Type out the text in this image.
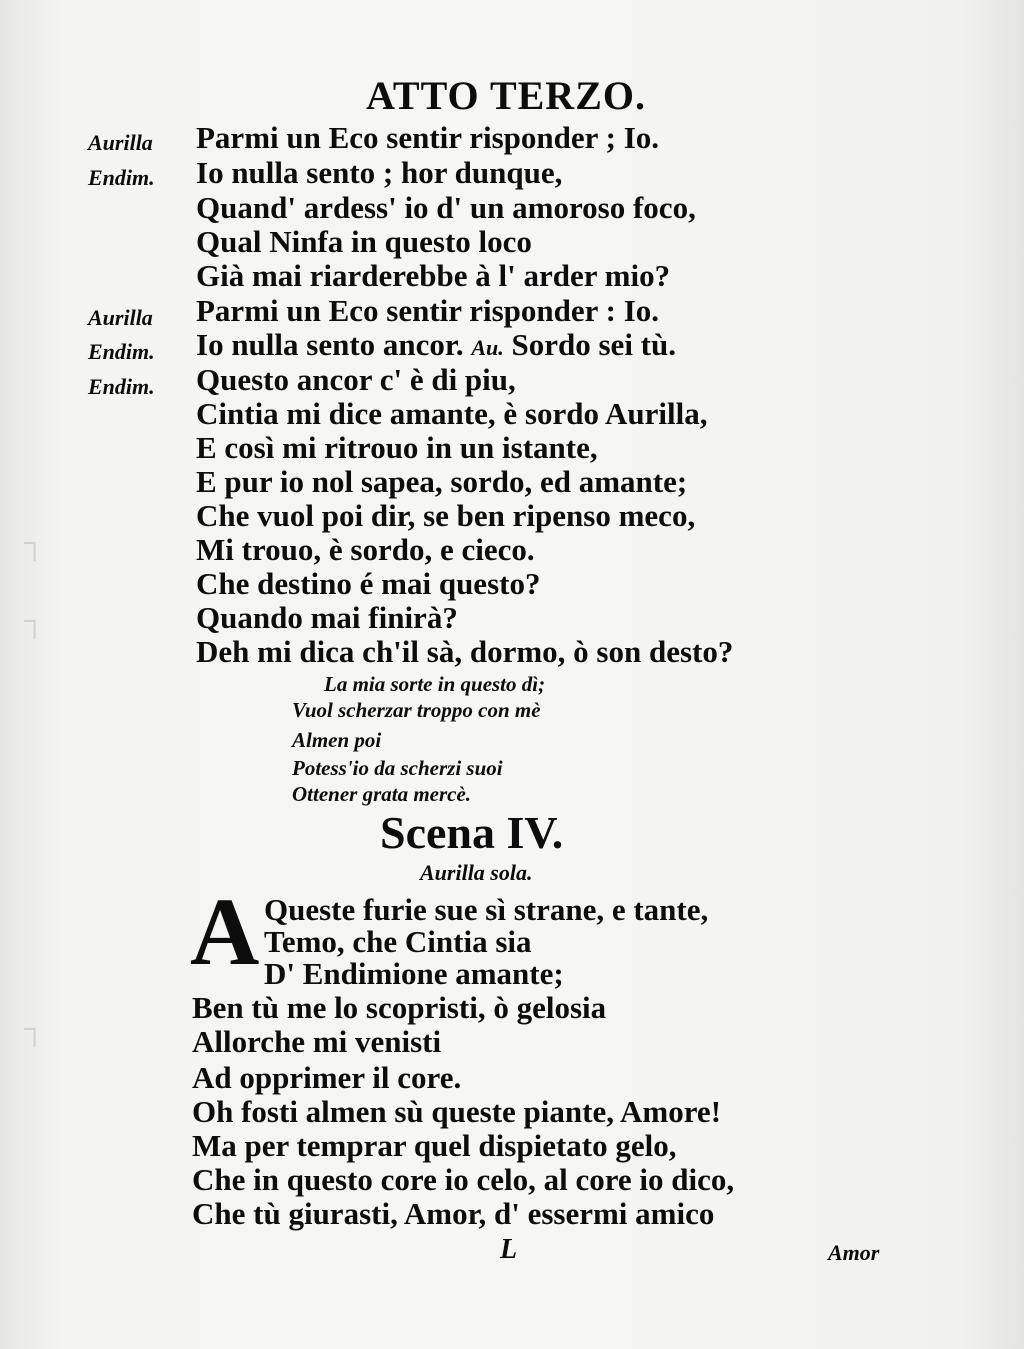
┐
┐
┐
ATTO TERZO.
Aurilla	Parmi un Eco sentir risponder ; Io.
Endim.	Io nulla sento ; hor dunque,
Quand' ardess' io d' un amoroso foco,
Qual Ninfa in questo loco
Già mai riarderebbe à l' arder mio?
Aurilla	Parmi un Eco sentir risponder : Io.
Endim.	Io nulla sento ancor. Au. Sordo sei tù.
Endim.	Questo ancor c' è di piu,
Cintia mi dice amante, è sordo Aurilla,
E così mi ritrouo in un istante,
E pur io nol sapea, sordo, ed amante;
Che vuol poi dir, se ben ripenso meco,
Mi trouo, è sordo, e cieco.
Che destino é mai questo?
Quando mai finirà?
Deh mi dica ch'il sà, dormo, ò son desto?
La mia sorte in questo dì;
Vuol scherzar troppo con mè
Almen poi
Potess'io da scherzi suoi
Ottener grata mercè.
Scena IV.
Aurilla sola.
A Queste furie sue sì strane, e tante,
Temo, che Cintia sia
D' Endimione amante;
Ben tù me lo scopristi, ò gelosia
Allorche mi venisti
Ad opprimer il core.
Oh fosti almen sù queste piante, Amore!
Ma per temprar quel dispietato gelo,
Che in questo core io celo, al core io dico,
Che tù giurasti, Amor, d' essermi amico
L	Amor
